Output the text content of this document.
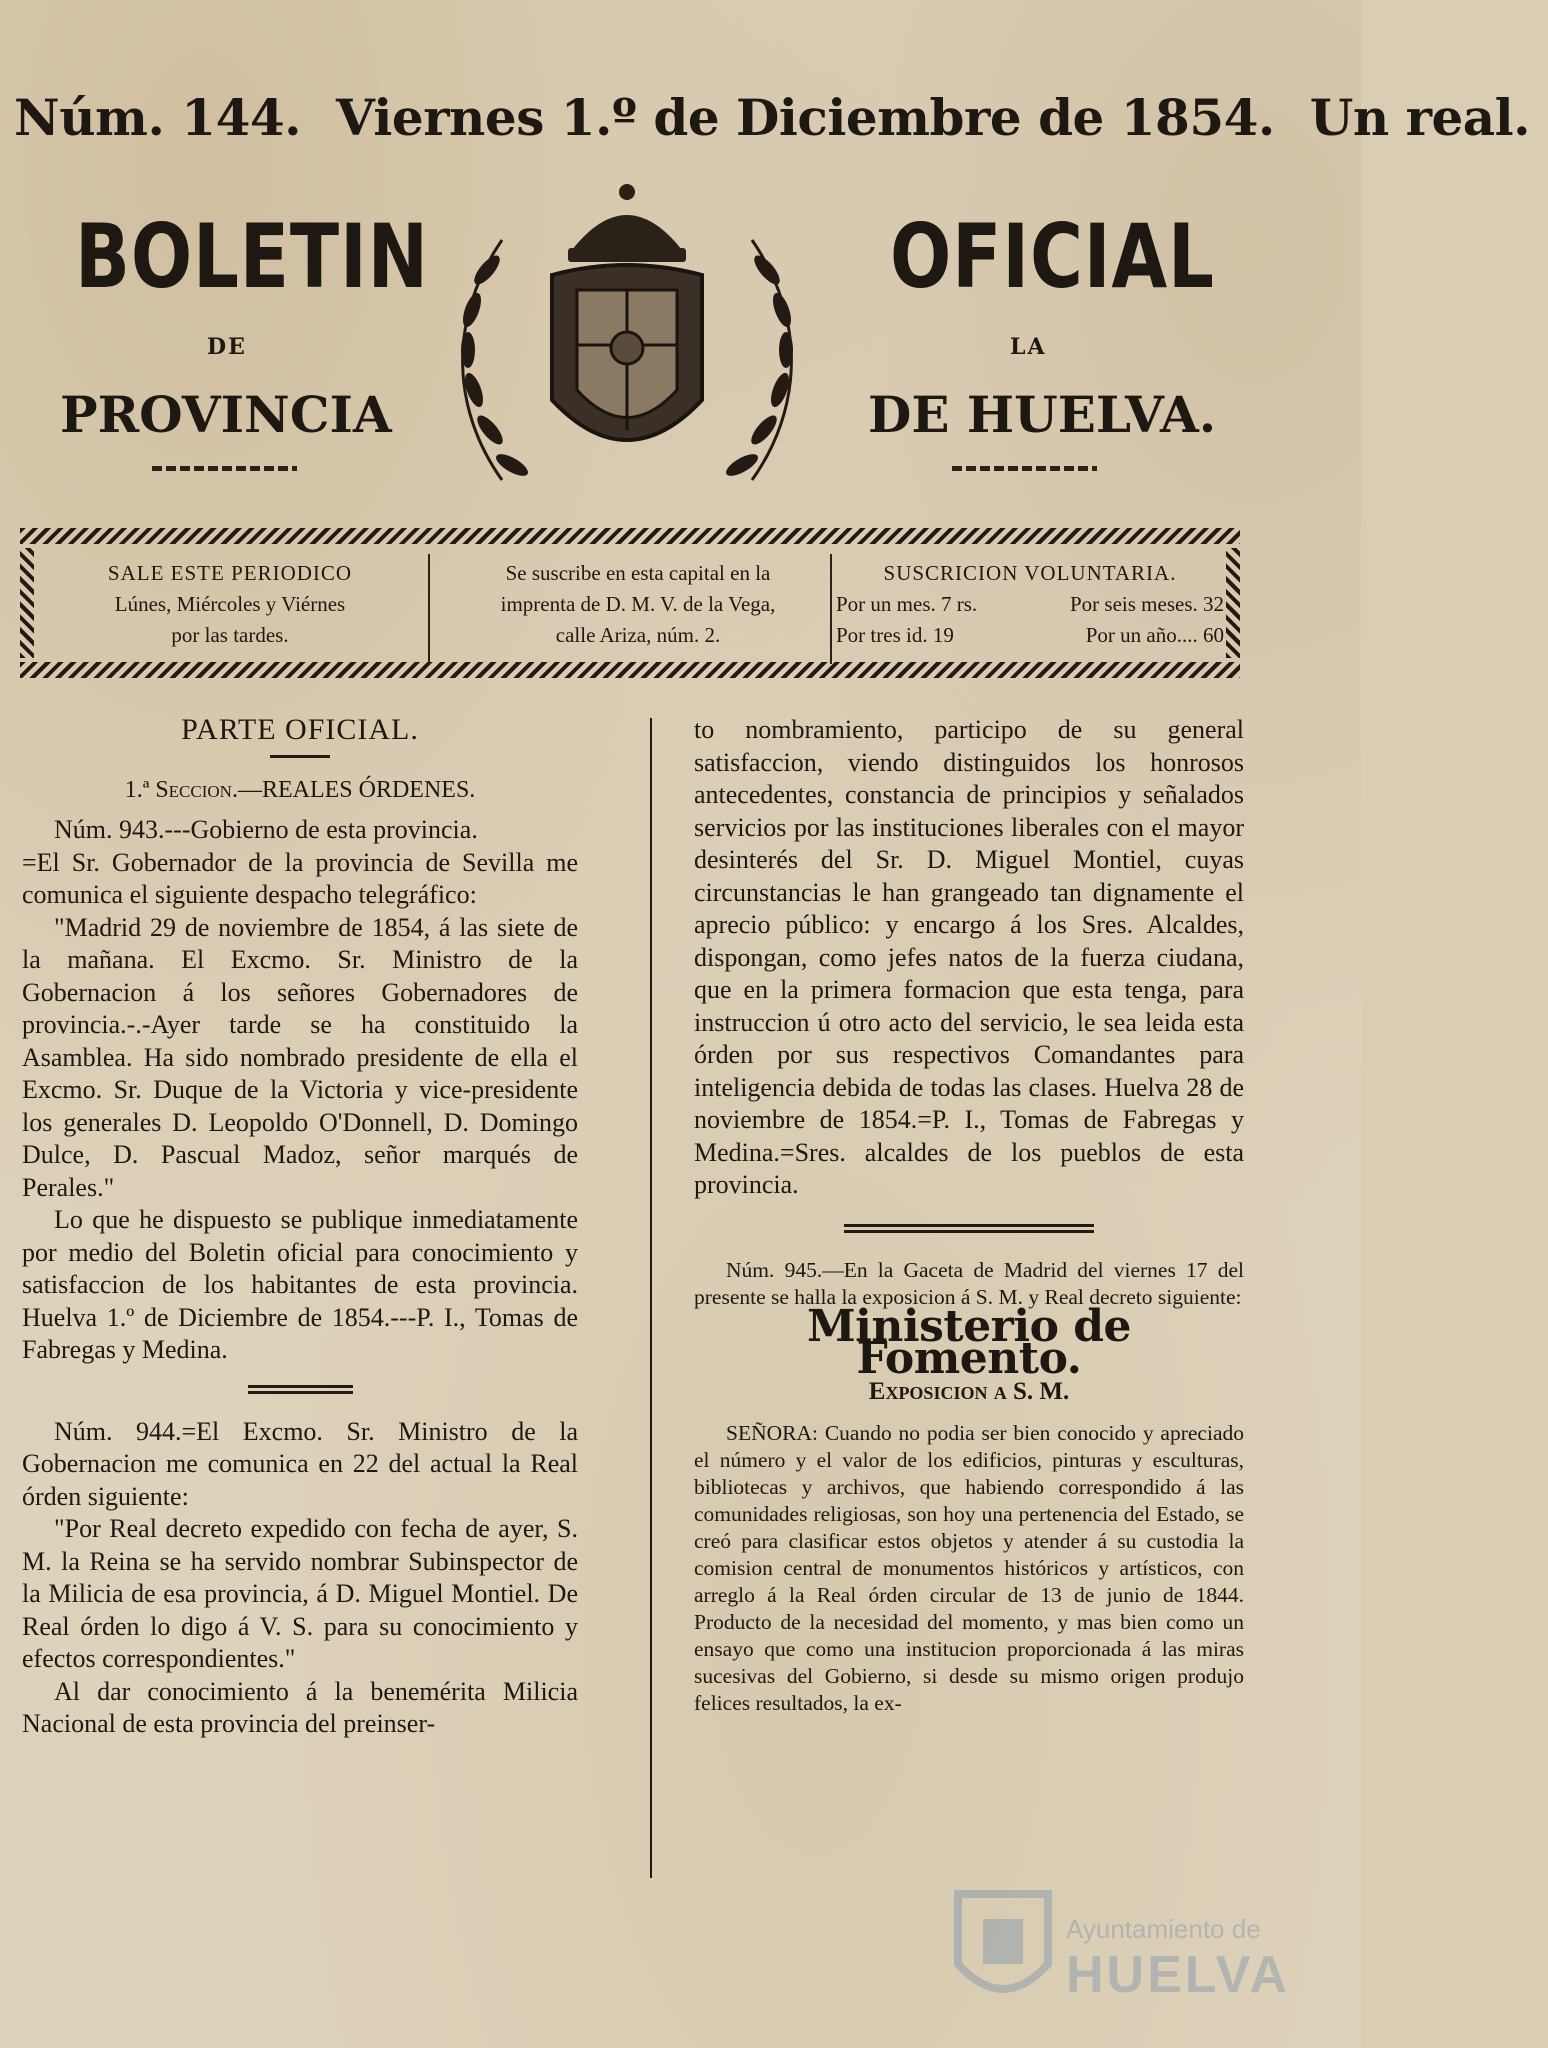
Núm. 144. Viernes 1.º de Diciembre de 1854. Un real.
BOLETIN
DE
PROVINCIA
OFICIAL
LA
DE HUELVA.
SALE ESTE PERIODICO
Lúnes, Miércoles y Viérnes
por las tardes.
Se suscribe en esta capital en la
imprenta de D. M. V. de la Vega,
calle Ariza, núm. 2.
SUSCRICION VOLUNTARIA.
Por un mes. 7 rs.	Por seis meses. 32
Por tres id. 19	Por un año.... 60

PARTE OFICIAL.

1.ª Seccion.—REALES ÓRDENES.

Núm. 943.---Gobierno de esta provincia.

=El Sr. Gobernador de la provincia de Sevilla me comunica el siguiente despacho telegráfico:

"Madrid 29 de noviembre de 1854, á las siete de la mañana. El Excmo. Sr. Ministro de la Gobernacion á los señores Gobernadores de provincia.-.-Ayer tarde se ha constituido la Asamblea. Ha sido nombrado presidente de ella el Excmo. Sr. Duque de la Victoria y vice-presidente los generales D. Leopoldo O'Donnell, D. Domingo Dulce, D. Pascual Madoz, señor marqués de Perales."

Lo que he dispuesto se publique inmediatamente por medio del Boletin oficial para conocimiento y satisfaccion de los habitantes de esta provincia. Huelva 1.º de Diciembre de 1854.---P. I., Tomas de Fabregas y Medina.

Núm. 944.=El Excmo. Sr. Ministro de la Gobernacion me comunica en 22 del actual la Real órden siguiente:

"Por Real decreto expedido con fecha de ayer, S. M. la Reina se ha servido nombrar Subinspector de la Milicia de esa provincia, á D. Miguel Montiel. De Real órden lo digo á V. S. para su conocimiento y efectos correspondientes."

Al dar conocimiento á la benemérita Milicia Nacional de esta provincia del preinser-

to nombramiento, participo de su general satisfaccion, viendo distinguidos los honrosos antecedentes, constancia de principios y señalados servicios por las instituciones liberales con el mayor desinterés del Sr. D. Miguel Montiel, cuyas circunstancias le han grangeado tan dignamente el aprecio público: y encargo á los Sres. Alcaldes, dispongan, como jefes natos de la fuerza ciudana, que en la primera formacion que esta tenga, para instruccion ú otro acto del servicio, le sea leida esta órden por sus respectivos Comandantes para inteligencia debida de todas las clases. Huelva 28 de noviembre de 1854.=P. I., Tomas de Fabregas y Medina.=Sres. alcaldes de los pueblos de esta provincia.

Núm. 945.—En la Gaceta de Madrid del viernes 17 del presente se halla la exposicion á S. M. y Real decreto siguiente:

Ministerio de Fomento.

Exposicion a S. M.

SEÑORA: Cuando no podia ser bien conocido y apreciado el número y el valor de los edificios, pinturas y esculturas, bibliotecas y archivos, que habiendo correspondido á las comunidades religiosas, son hoy una pertenencia del Estado, se creó para clasificar estos objetos y atender á su custodia la comision central de monumentos históricos y artísticos, con arreglo á la Real órden circular de 13 de junio de 1844. Producto de la necesidad del momento, y mas bien como un ensayo que como una institucion proporcionada á las miras sucesivas del Gobierno, si desde su mismo origen produjo felices resultados, la ex-

Ayuntamiento de
HUELVA
